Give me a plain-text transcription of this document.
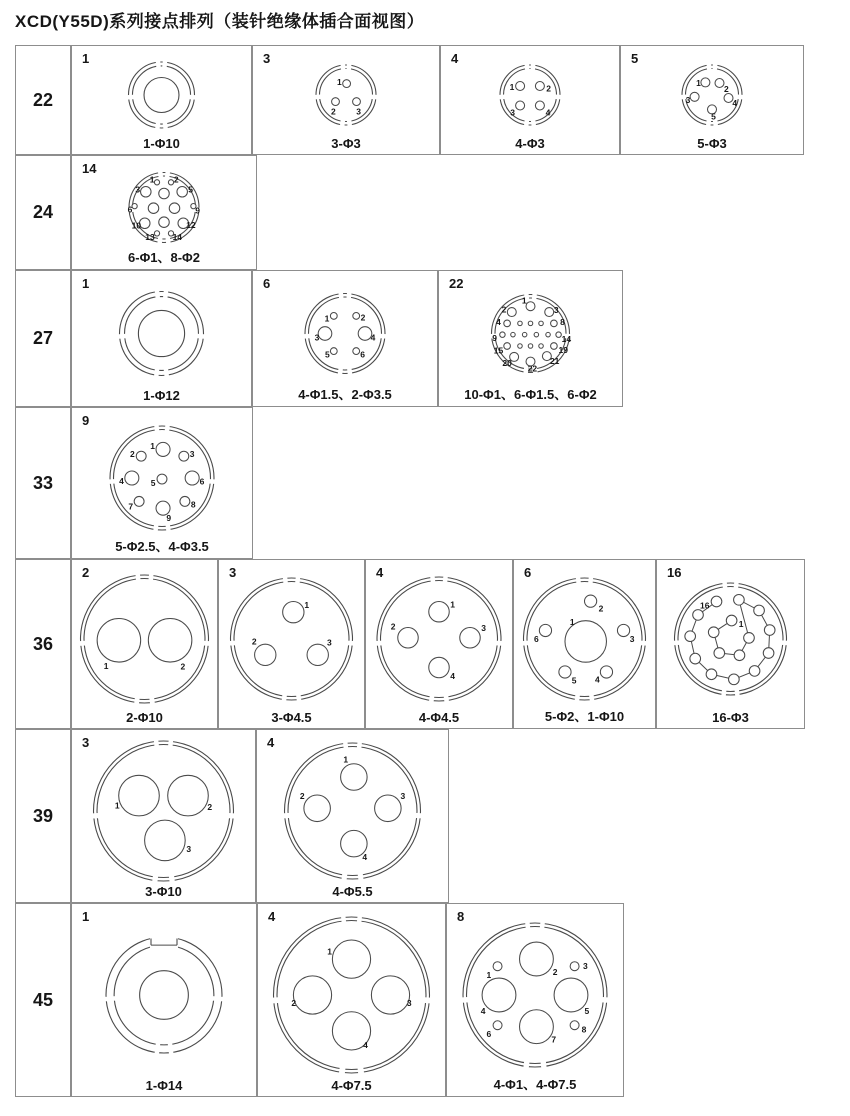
XCD(Y55D)系列接点排列（装针绝缘体插合面视图）
22
1
1-Φ10
3
1
2 3
3-Φ3
4
1	2
3	4
4-Φ3
5
1
2
3	4
5
5-Φ3
24
14
1 2
3	5
6	9
10	12
13 14
6-Φ1、8-Φ2
27
1
1-Φ12
6
1	2
3	4
5	6
4-Φ1.5、2-Φ3.5
22
1
2	3
4	8
9	14
15	19
20	21
22
10-Φ1、6-Φ1.5、6-Φ2
33
9
1
2	3
4	5	6
7	8
9
5-Φ2.5、4-Φ3.5
36
2
1	2
2-Φ10
3
1
2	3
3-Φ4.5
4
1
2	3
4
4-Φ4.5
6
1
2
3
4
5
6
5-Φ2、1-Φ10
16
1
16
16-Φ3
39
3
1	2
3
3-Φ10
4
1
2	3
4
4-Φ5.5
45
1
1-Φ14
4
1
2	3
4
4-Φ7.5
8
1	2
3
4	5
6
7
8
4-Φ1、4-Φ7.5
